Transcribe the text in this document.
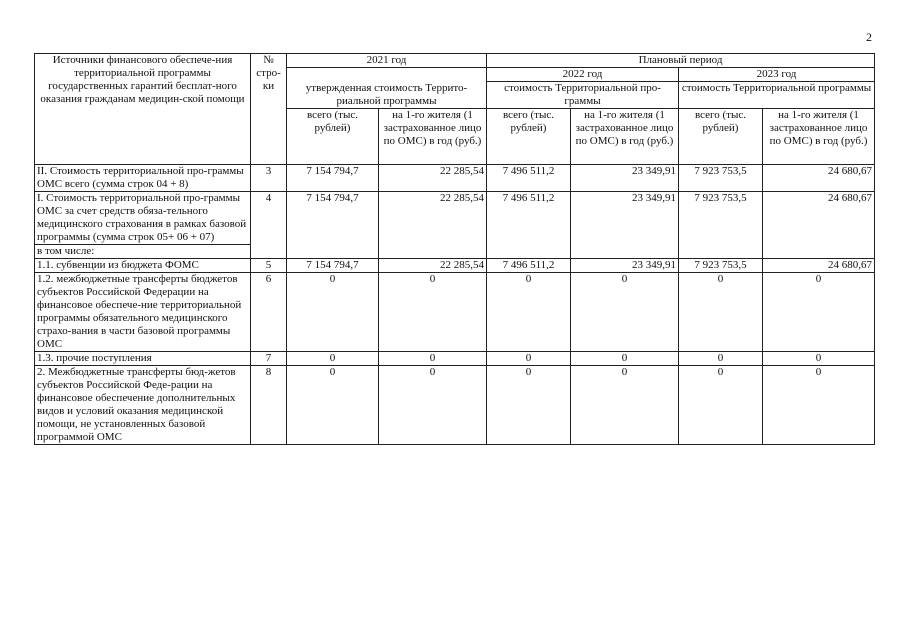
2
Источники финансового обеспече-ния территориальной программы государственных гарантий бесплат-ного оказания гражданам медицин-ской помощи	№ стро-ки	2021 год		Плановый период			
		утвержденная стоимость Террито-риальной программы		2022 год		2023 год	
				стоимость Территориальной про-граммы		стоимость Территориальной программы	
		всего (тыс. рублей)	на 1-го жителя (1 застрахованное лицо по ОМС) в год (руб.)	всего (тыс. рублей)	на 1-го жителя (1 застрахованное лицо по ОМС) в год (руб.)	всего (тыс. рублей)	на 1-го жителя (1 застрахованное лицо по ОМС) в год (руб.)
II. Стоимость территориальной про-граммы ОМС всего (сумма строк 04 + 8)	3	7 154 794,7	22 285,54	7 496 511,2	23 349,91	7 923 753,5	24 680,67
I. Стоимость территориальной про-граммы ОМС за счет средств обяза-тельного медицинского страхования в рамках базовой программы (сумма строк 05+ 06 + 07)	4	7 154 794,7	22 285,54	7 496 511,2	23 349,91	7 923 753,5	24 680,67
в том числе:							
1.1. субвенции из бюджета ФОМС	5	7 154 794,7	22 285,54	7 496 511,2	23 349,91	7 923 753,5	24 680,67
1.2. межбюджетные трансферты бюджетов субъектов Российской Федерации на финансовое обеспече-ние территориальной программы обязательного медицинского страхо-вания в части базовой программы ОМС	6	0	0	0	0	0	0
1.3. прочие поступления	7	0	0	0	0	0	0
2. Межбюджетные трансферты бюд-жетов субъектов Российской Феде-рации на финансовое обеспечение дополнительных видов и условий оказания медицинской помощи, не установленных базовой программой ОМС	8	0	0	0	0	0	0
